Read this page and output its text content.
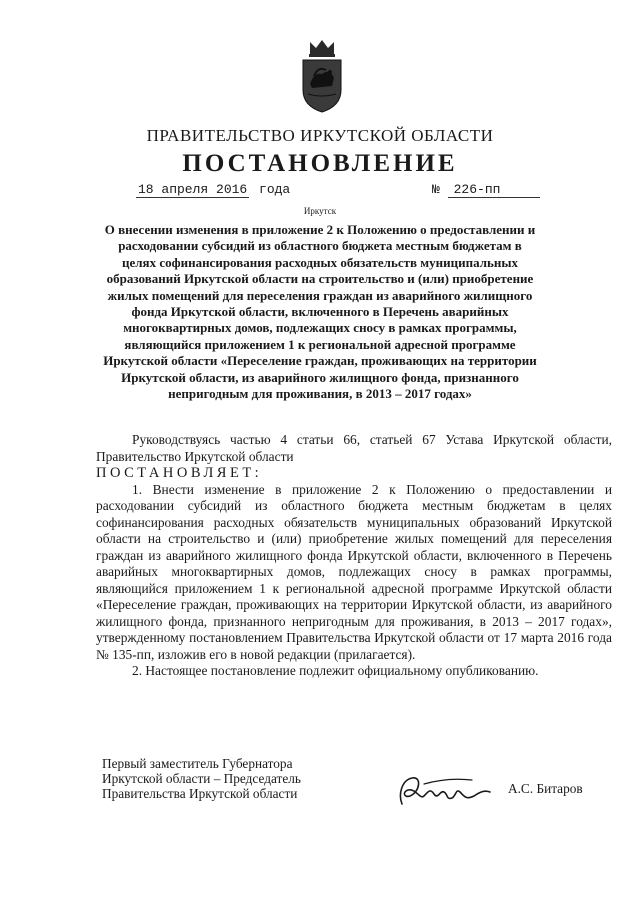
ПРАВИТЕЛЬСТВО ИРКУТСКОЙ ОБЛАСТИ
ПОСТАНОВЛЕНИЕ
18 апреля 2016 года	№ 226-пп
Иркутск
О внесении изменения в приложение 2 к Положению о предоставлении и
расходовании субсидий из областного бюджета местным бюджетам в
целях софинансирования расходных обязательств муниципальных
образований Иркутской области на строительство и (или) приобретение
жилых помещений для переселения граждан из аварийного жилищного
фонда Иркутской области, включенного в Перечень аварийных
многоквартирных домов, подлежащих сносу в рамках программы,
являющийся приложением 1 к региональной адресной программе
Иркутской области «Переселение граждан, проживающих на территории
Иркутской области, из аварийного жилищного фонда, признанного
непригодным для проживания, в 2013 – 2017 годах»

Руководствуясь частью 4 статьи 66, статьей 67 Устава Иркутской области, Правительство Иркутской области

ПОСТАНОВЛЯЕТ:

1. Внести изменение в приложение 2 к Положению о предоставлении и расходовании субсидий из областного бюджета местным бюджетам в целях софинансирования расходных обязательств муниципальных образований Иркутской области на строительство и (или) приобретение жилых помещений для переселения граждан из аварийного жилищного фонда Иркутской области, включенного в Перечень аварийных многоквартирных домов, подлежащих сносу в рамках программы, являющийся приложением 1 к региональной адресной программе Иркутской области «Переселение граждан, проживающих на территории Иркутской области, из аварийного жилищного фонда, признанного непригодным для проживания, в 2013 – 2017 годах», утвержденному постановлением Правительства Иркутской области от 17 марта 2016 года № 135-пп, изложив его в новой редакции (прилагается).

2. Настоящее постановление подлежит официальному опубликованию.

Первый заместитель Губернатора
Иркутской области – Председатель
Правительства Иркутской области	А.С. Битаров
